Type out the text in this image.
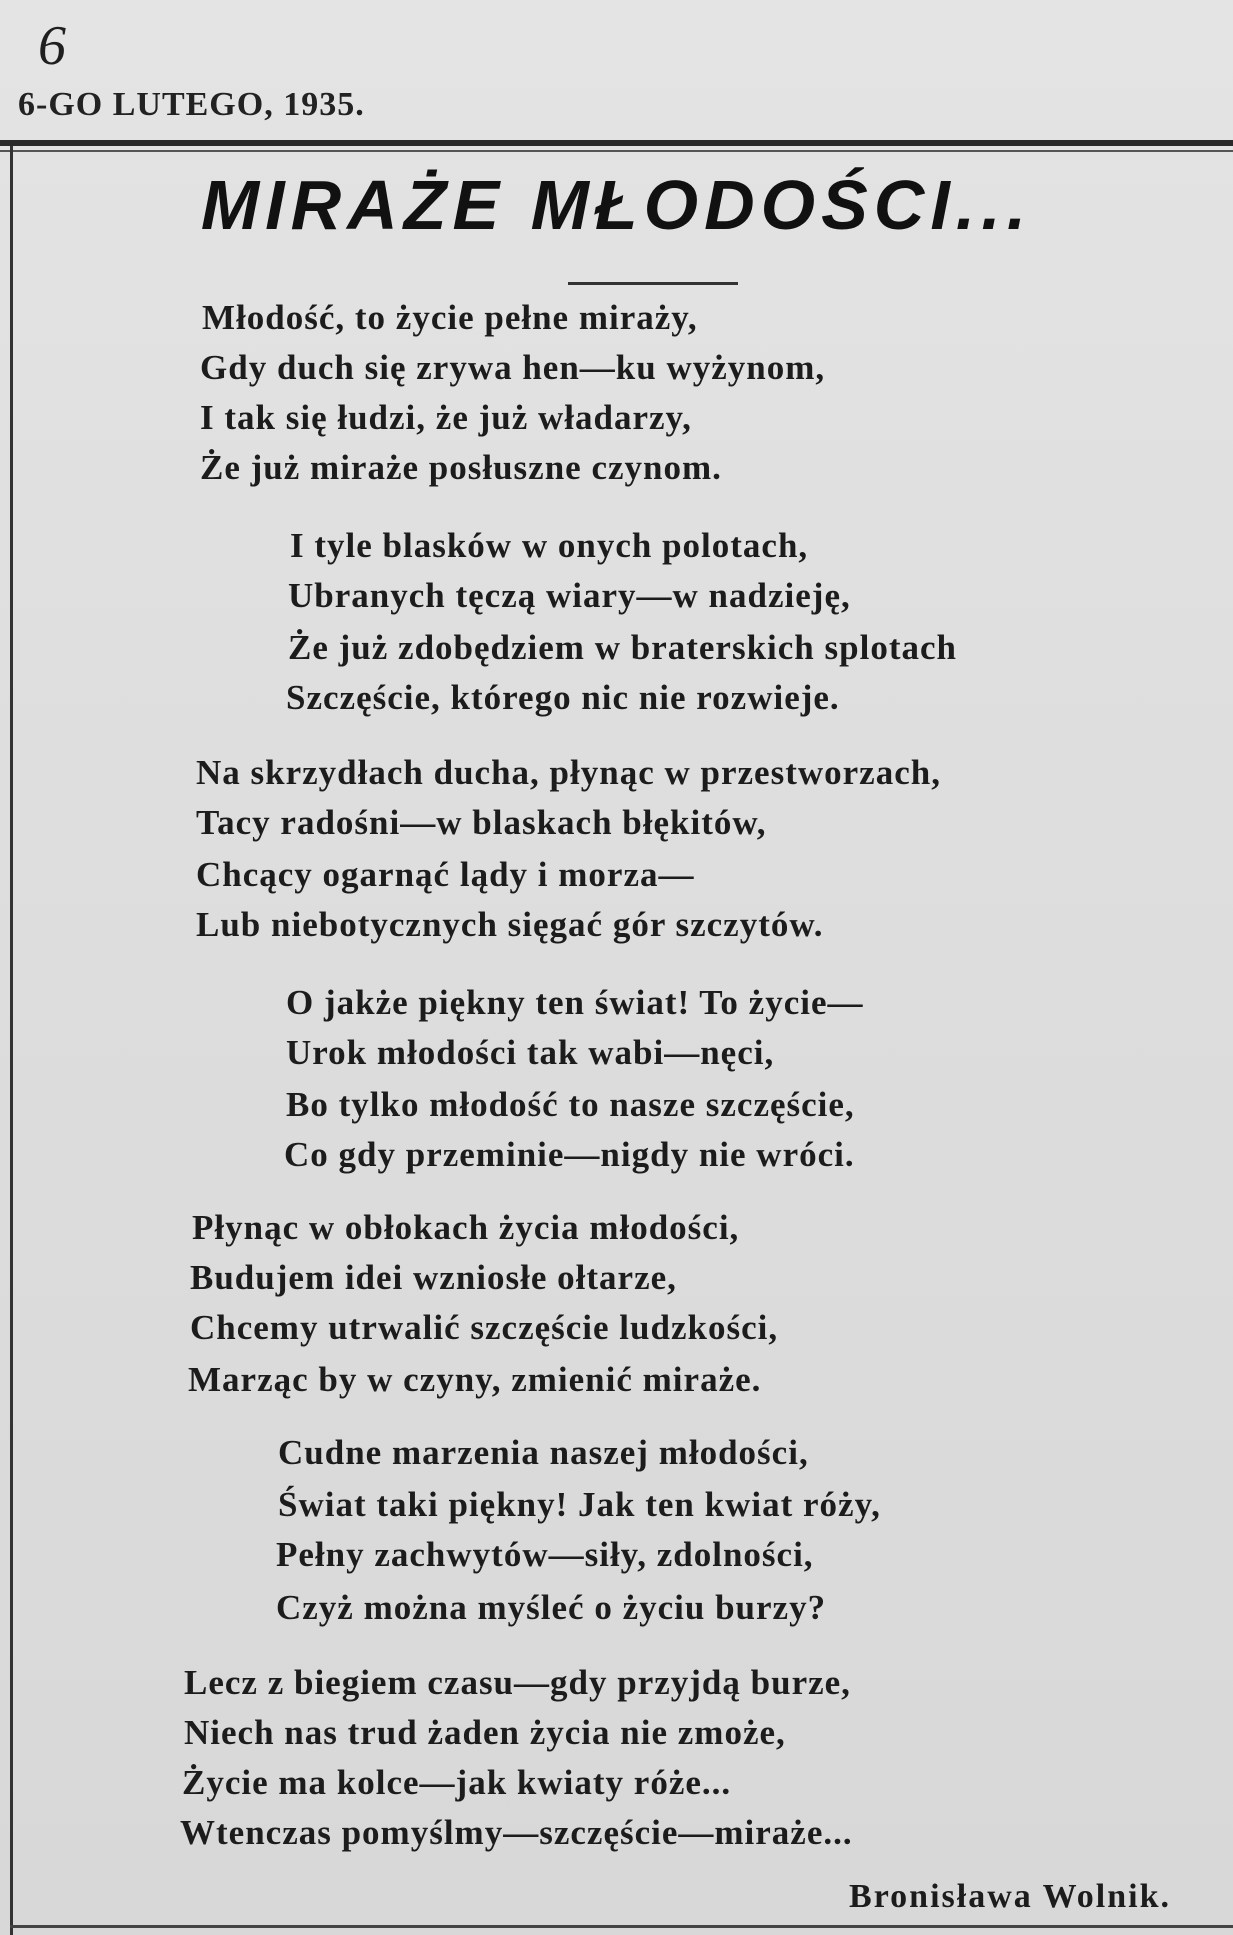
6
6-GO LUTEGO, 1935.
MIRAŻE MŁODOŚCI...
Młodość, to życie pełne miraży,
Gdy duch się zrywa hen—ku wyżynom,
I tak się łudzi, że już władarzy,
Że już miraże posłuszne czynom.
I tyle blasków w onych polotach,
Ubranych tęczą wiary—w nadzieję,
Że już zdobędziem w braterskich splotach
Szczęście, którego nic nie rozwieje.
Na skrzydłach ducha, płynąc w przestworzach,
Tacy radośni—w blaskach błękitów,
Chcący ogarnąć lądy i morza—
Lub niebotycznych sięgać gór szczytów.
O jakże piękny ten świat! To życie—
Urok młodości tak wabi—nęci,
Bo tylko młodość to nasze szczęście,
Co gdy przeminie—nigdy nie wróci.
Płynąc w obłokach życia młodości,
Budujem idei wzniosłe ołtarze,
Chcemy utrwalić szczęście ludzkości,
Marząc by w czyny, zmienić miraże.
Cudne marzenia naszej młodości,
Świat taki piękny! Jak ten kwiat róży,
Pełny zachwytów—siły, zdolności,
Czyż można myśleć o życiu burzy?
Lecz z biegiem czasu—gdy przyjdą burze,
Niech nas trud żaden życia nie zmoże,
Życie ma kolce—jak kwiaty róże...
Wtenczas pomyślmy—szczęście—miraże...
Bronisława Wolnik.
